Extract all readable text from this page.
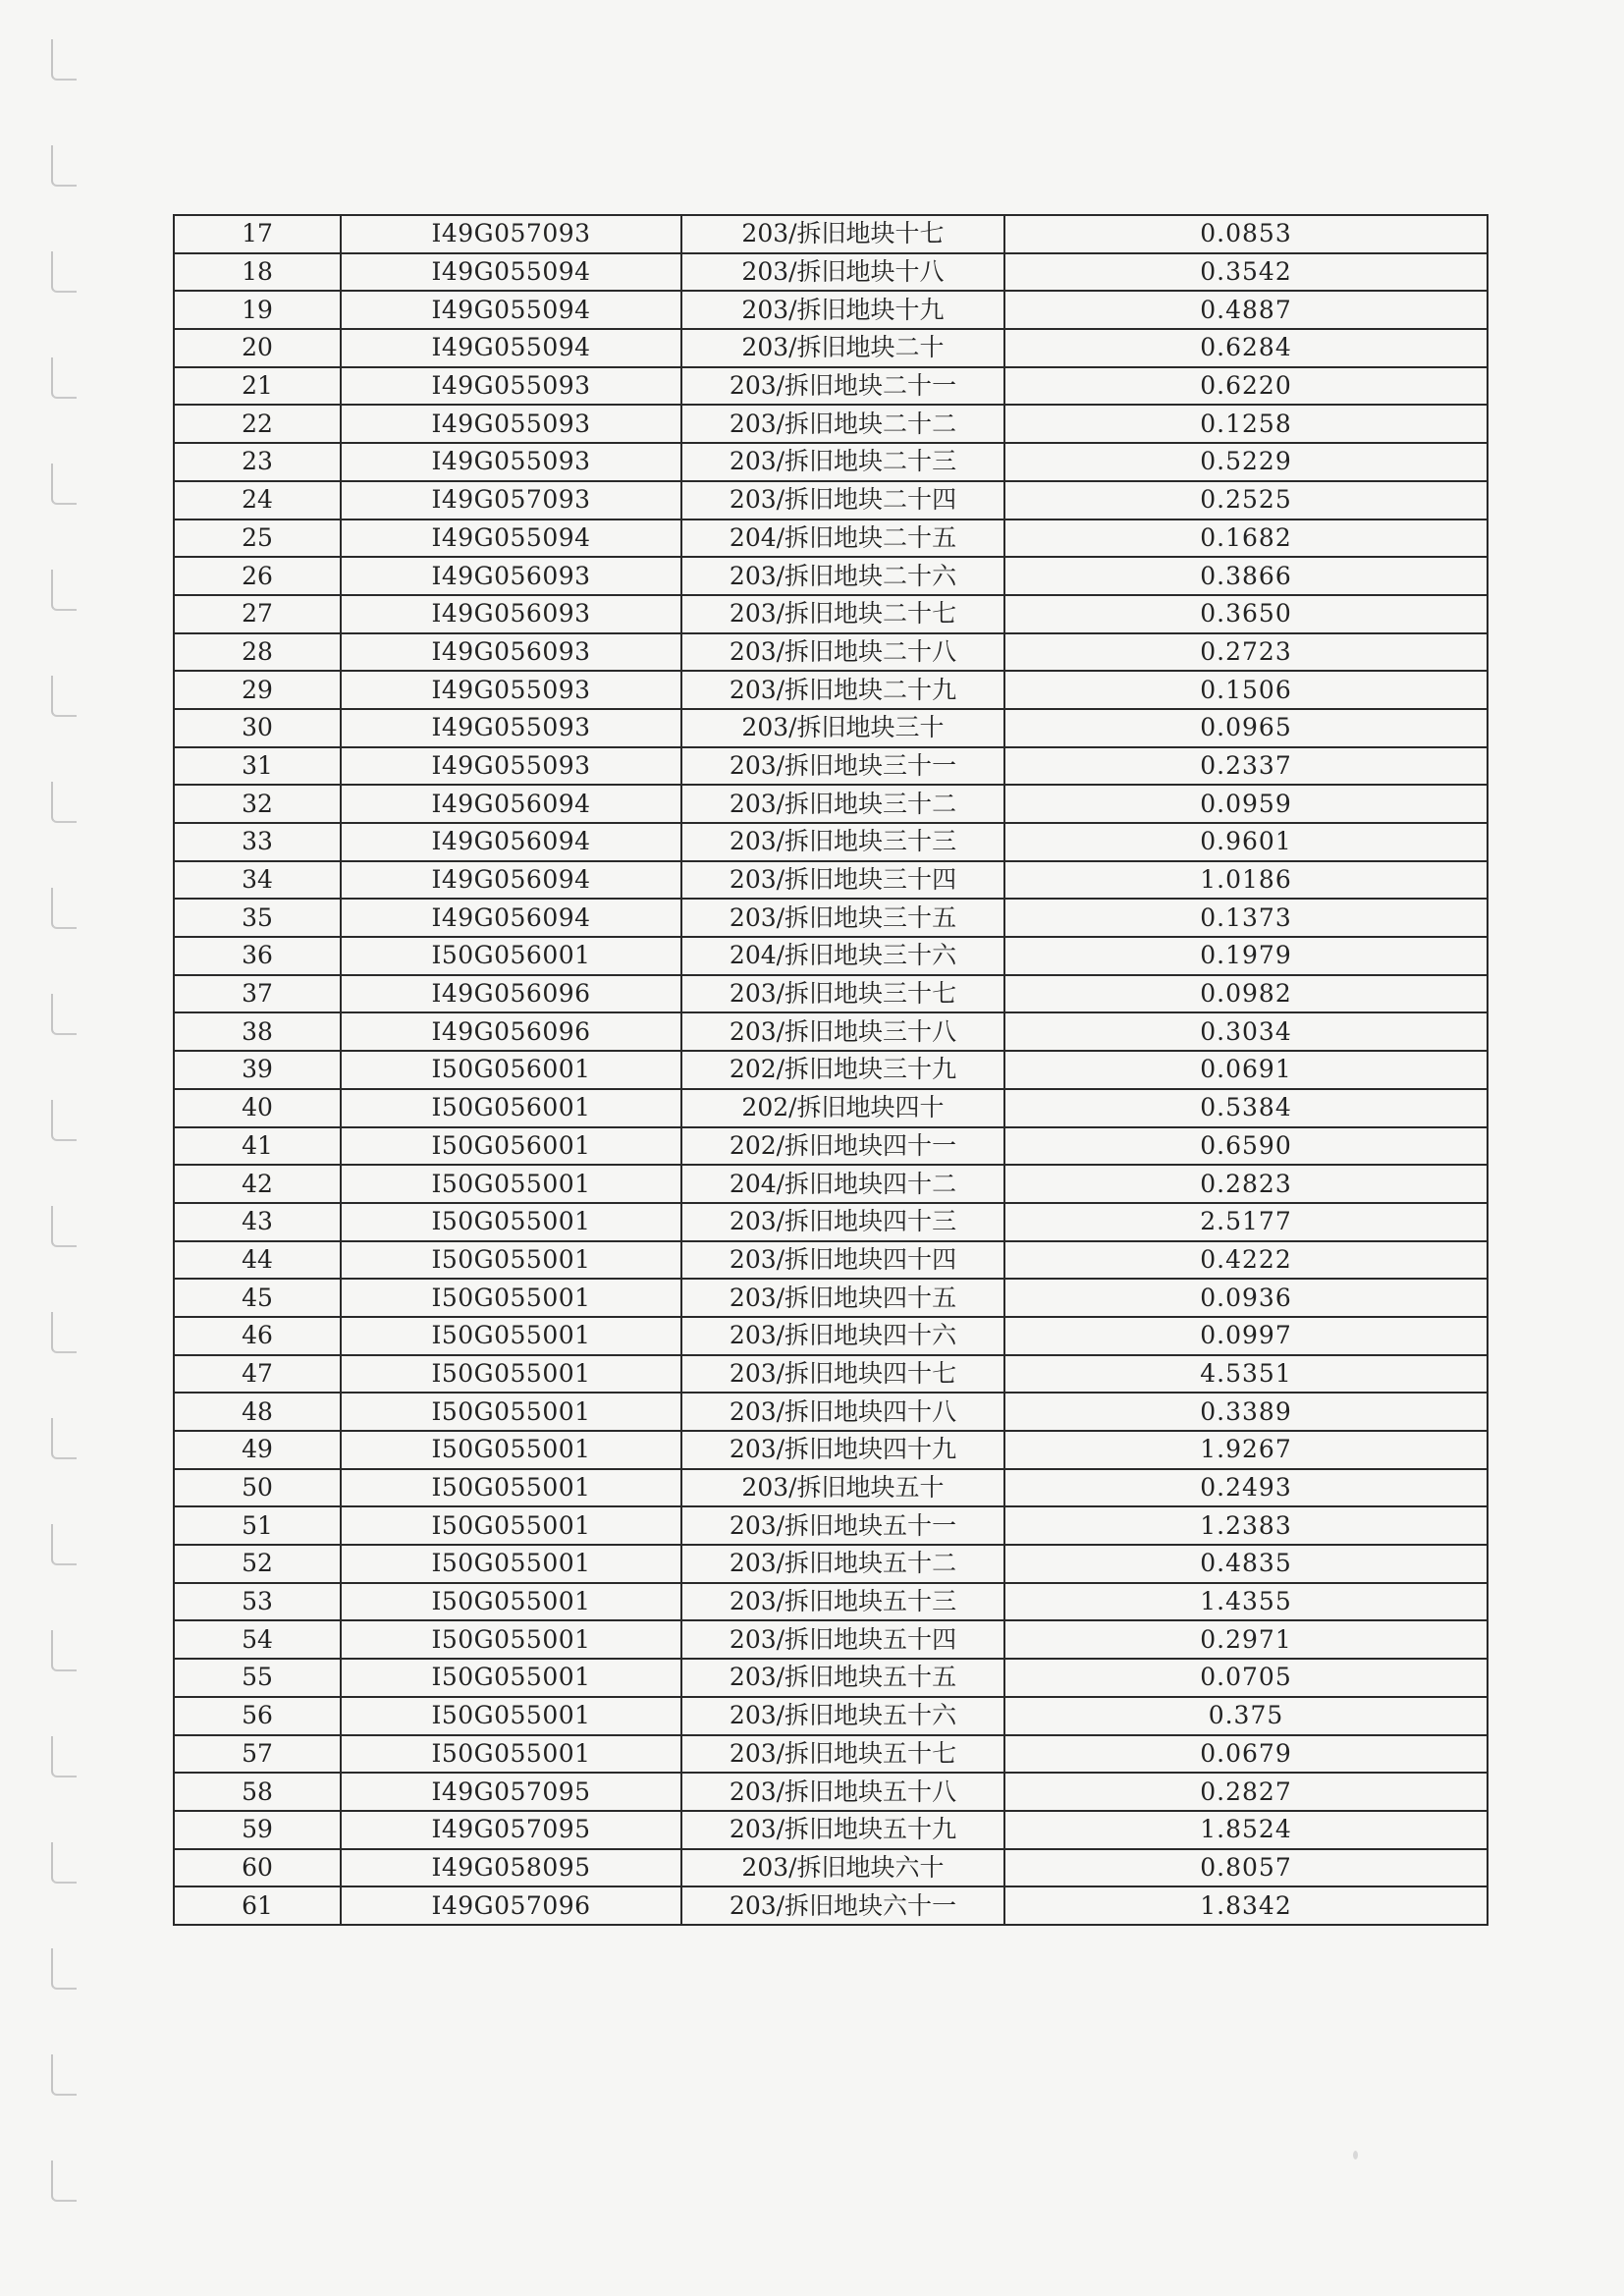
17	I49G057093	203/拆旧地块十七	0.0853
18	I49G055094	203/拆旧地块十八	0.3542
19	I49G055094	203/拆旧地块十九	0.4887
20	I49G055094	203/拆旧地块二十	0.6284
21	I49G055093	203/拆旧地块二十一	0.6220
22	I49G055093	203/拆旧地块二十二	0.1258
23	I49G055093	203/拆旧地块二十三	0.5229
24	I49G057093	203/拆旧地块二十四	0.2525
25	I49G055094	204/拆旧地块二十五	0.1682
26	I49G056093	203/拆旧地块二十六	0.3866
27	I49G056093	203/拆旧地块二十七	0.3650
28	I49G056093	203/拆旧地块二十八	0.2723
29	I49G055093	203/拆旧地块二十九	0.1506
30	I49G055093	203/拆旧地块三十	0.0965
31	I49G055093	203/拆旧地块三十一	0.2337
32	I49G056094	203/拆旧地块三十二	0.0959
33	I49G056094	203/拆旧地块三十三	0.9601
34	I49G056094	203/拆旧地块三十四	1.0186
35	I49G056094	203/拆旧地块三十五	0.1373
36	I50G056001	204/拆旧地块三十六	0.1979
37	I49G056096	203/拆旧地块三十七	0.0982
38	I49G056096	203/拆旧地块三十八	0.3034
39	I50G056001	202/拆旧地块三十九	0.0691
40	I50G056001	202/拆旧地块四十	0.5384
41	I50G056001	202/拆旧地块四十一	0.6590
42	I50G055001	204/拆旧地块四十二	0.2823
43	I50G055001	203/拆旧地块四十三	2.5177
44	I50G055001	203/拆旧地块四十四	0.4222
45	I50G055001	203/拆旧地块四十五	0.0936
46	I50G055001	203/拆旧地块四十六	0.0997
47	I50G055001	203/拆旧地块四十七	4.5351
48	I50G055001	203/拆旧地块四十八	0.3389
49	I50G055001	203/拆旧地块四十九	1.9267
50	I50G055001	203/拆旧地块五十	0.2493
51	I50G055001	203/拆旧地块五十一	1.2383
52	I50G055001	203/拆旧地块五十二	0.4835
53	I50G055001	203/拆旧地块五十三	1.4355
54	I50G055001	203/拆旧地块五十四	0.2971
55	I50G055001	203/拆旧地块五十五	0.0705
56	I50G055001	203/拆旧地块五十六	0.375
57	I50G055001	203/拆旧地块五十七	0.0679
58	I49G057095	203/拆旧地块五十八	0.2827
59	I49G057095	203/拆旧地块五十九	1.8524
60	I49G058095	203/拆旧地块六十	0.8057
61	I49G057096	203/拆旧地块六十一	1.8342
